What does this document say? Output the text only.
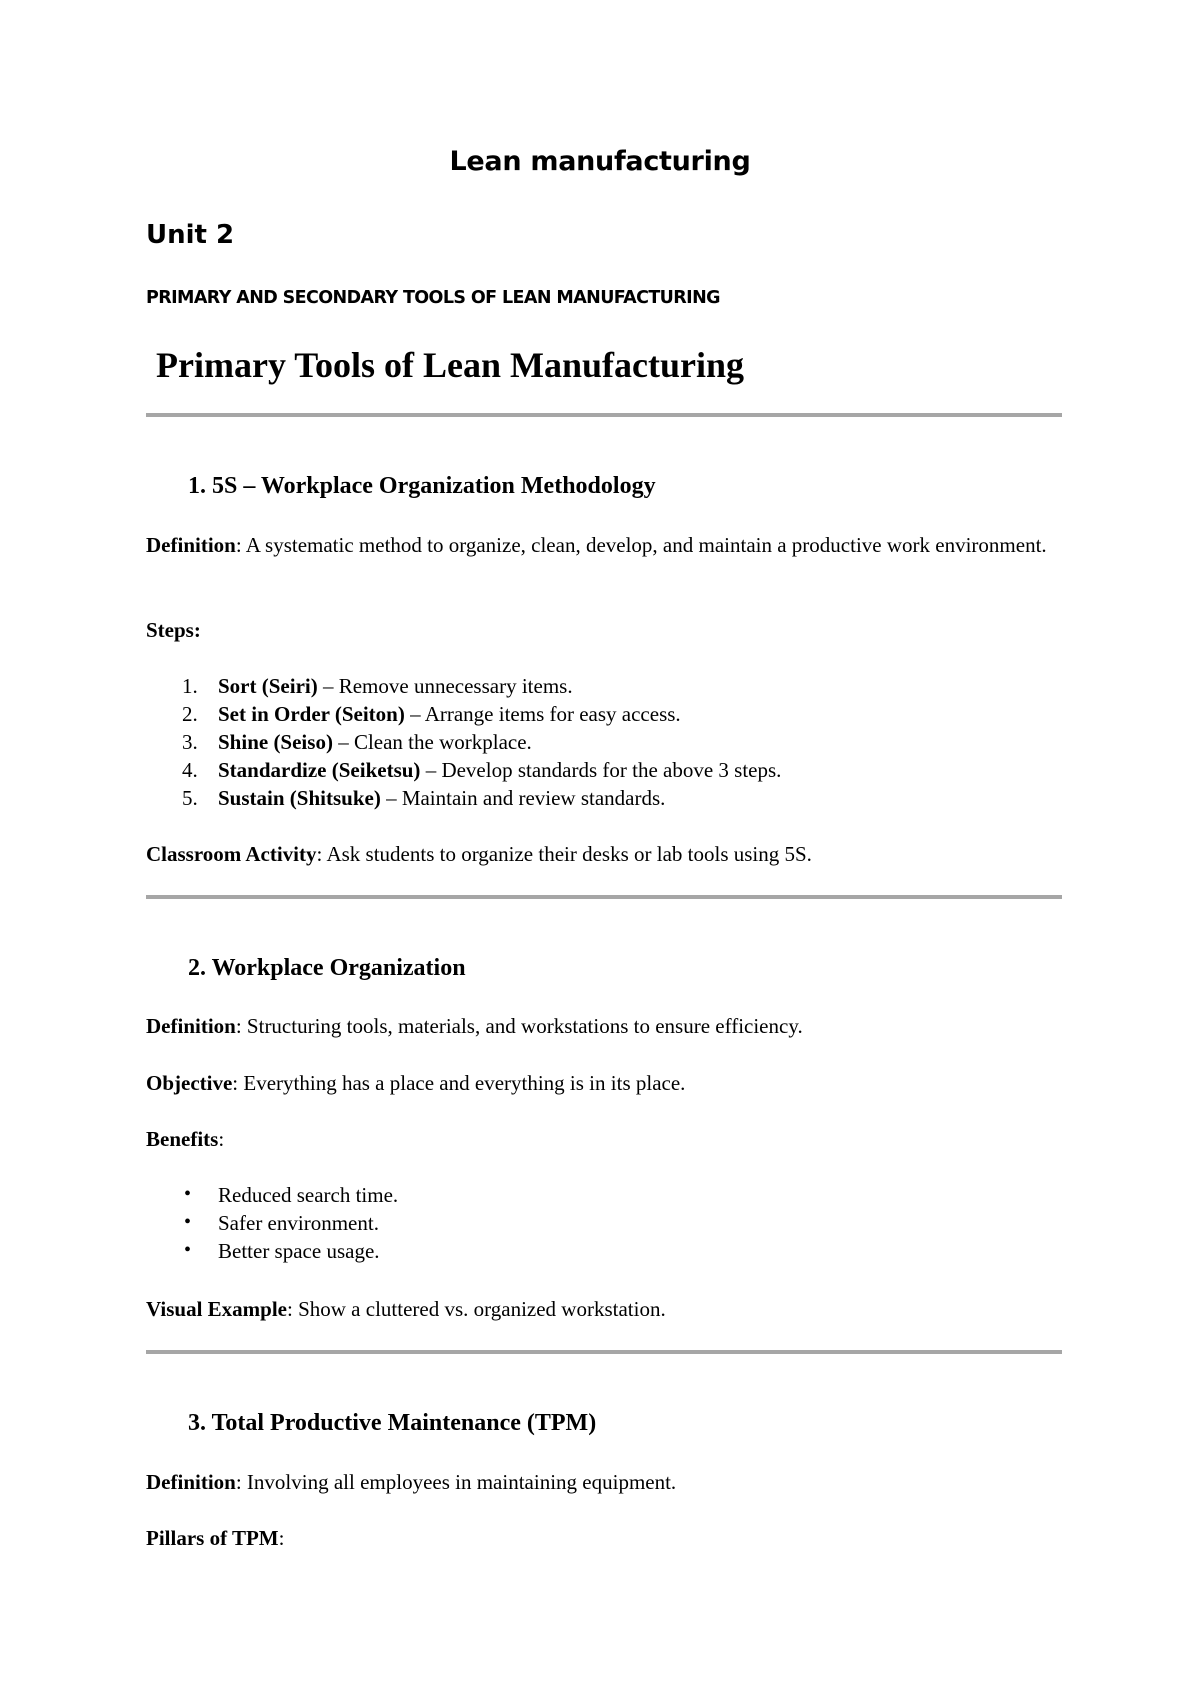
Lean manufacturing
Unit 2
PRIMARY AND SECONDARY TOOLS OF LEAN MANUFACTURING
Primary Tools of Lean Manufacturing
1. 5S – Workplace Organization Methodology
Definition: A systematic method to organize, clean, develop, and maintain a productive work environment.
Steps:
1. Sort (Seiri) – Remove unnecessary items.
2. Set in Order (Seiton) – Arrange items for easy access.
3. Shine (Seiso) – Clean the workplace.
4. Standardize (Seiketsu) – Develop standards for the above 3 steps.
5. Sustain (Shitsuke) – Maintain and review standards.
Classroom Activity: Ask students to organize their desks or lab tools using 5S.
2. Workplace Organization
Definition: Structuring tools, materials, and workstations to ensure efficiency.
Objective: Everything has a place and everything is in its place.
Benefits:
• Reduced search time.
• Safer environment.
• Better space usage.
Visual Example: Show a cluttered vs. organized workstation.
3. Total Productive Maintenance (TPM)
Definition: Involving all employees in maintaining equipment.
Pillars of TPM:
